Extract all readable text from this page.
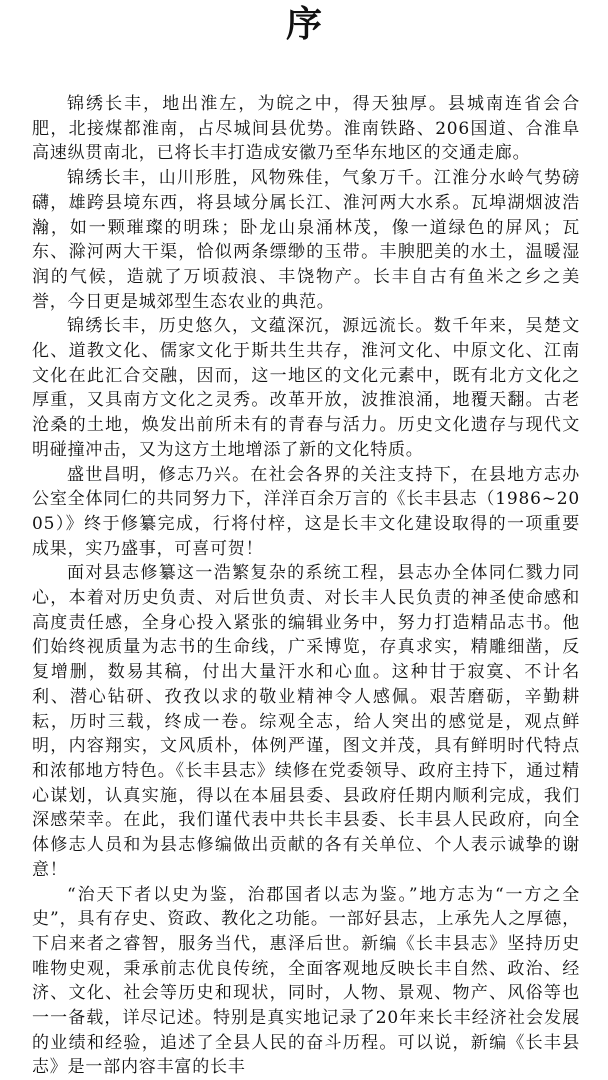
序

锦绣长丰，地出淮左，为皖之中，得天独厚。县城南连省会合肥，北接煤都淮南，占尽城间县优势。淮南铁路、206国道、合淮阜高速纵贯南北，已将长丰打造成安徽乃至华东地区的交通走廊。

锦绣长丰，山川形胜，风物殊佳，气象万千。江淮分水岭气势磅礴，雄跨县境东西，将县域分属长江、淮河两大水系。瓦埠湖烟波浩瀚，如一颗璀璨的明珠；卧龙山泉涌林茂，像一道绿色的屏风；瓦东、滁河两大干渠，恰似两条缥缈的玉带。丰腴肥美的水土，温暖湿润的气候，造就了万顷菽浪、丰饶物产。长丰自古有鱼米之乡之美誉，今日更是城郊型生态农业的典范。

锦绣长丰，历史悠久，文蕴深沉，源远流长。数千年来，吴楚文化、道教文化、儒家文化于斯共生共存，淮河文化、中原文化、江南文化在此汇合交融，因而，这一地区的文化元素中，既有北方文化之厚重，又具南方文化之灵秀。改革开放，波推浪涌，地覆天翻。古老沧桑的土地，焕发出前所未有的青春与活力。历史文化遗存与现代文明碰撞冲击，又为这方土地增添了新的文化特质。

盛世昌明，修志乃兴。在社会各界的关注支持下，在县地方志办公室全体同仁的共同努力下，洋洋百余万言的《长丰县志（1986~2005）》终于修纂完成，行将付梓，这是长丰文化建设取得的一项重要成果，实乃盛事，可喜可贺！

面对县志修纂这一浩繁复杂的系统工程，县志办全体同仁戮力同心，本着对历史负责、对后世负责、对长丰人民负责的神圣使命感和高度责任感，全身心投入紧张的编辑业务中，努力打造精品志书。他们始终视质量为志书的生命线，广采博览，存真求实，精雕细凿，反复增删，数易其稿，付出大量汗水和心血。这种甘于寂寞、不计名利、潜心钻研、孜孜以求的敬业精神令人感佩。艰苦磨砺，辛勤耕耘，历时三载，终成一卷。综观全志，给人突出的感觉是，观点鲜明，内容翔实，文风质朴，体例严谨，图文并茂，具有鲜明时代特点和浓郁地方特色。《长丰县志》续修在党委领导、政府主持下，通过精心谋划，认真实施，得以在本届县委、县政府任期内顺利完成，我们深感荣幸。在此，我们谨代表中共长丰县委、长丰县人民政府，向全体修志人员和为县志修编做出贡献的各有关单位、个人表示诚挚的谢意！

“治天下者以史为鉴，治郡国者以志为鉴。”地方志为“一方之全史”，具有存史、资政、教化之功能。一部好县志，上承先人之厚德，下启来者之睿智，服务当代，惠泽后世。新编《长丰县志》坚持历史唯物史观，秉承前志优良传统，全面客观地反映长丰自然、政治、经济、文化、社会等历史和现状，同时，人物、景观、物产、风俗等也一一备载，详尽记述。特别是真实地记录了20年来长丰经济社会发展的业绩和经验，追述了全县人民的奋斗历程。可以说，新编《长丰县志》是一部内容丰富的长丰
